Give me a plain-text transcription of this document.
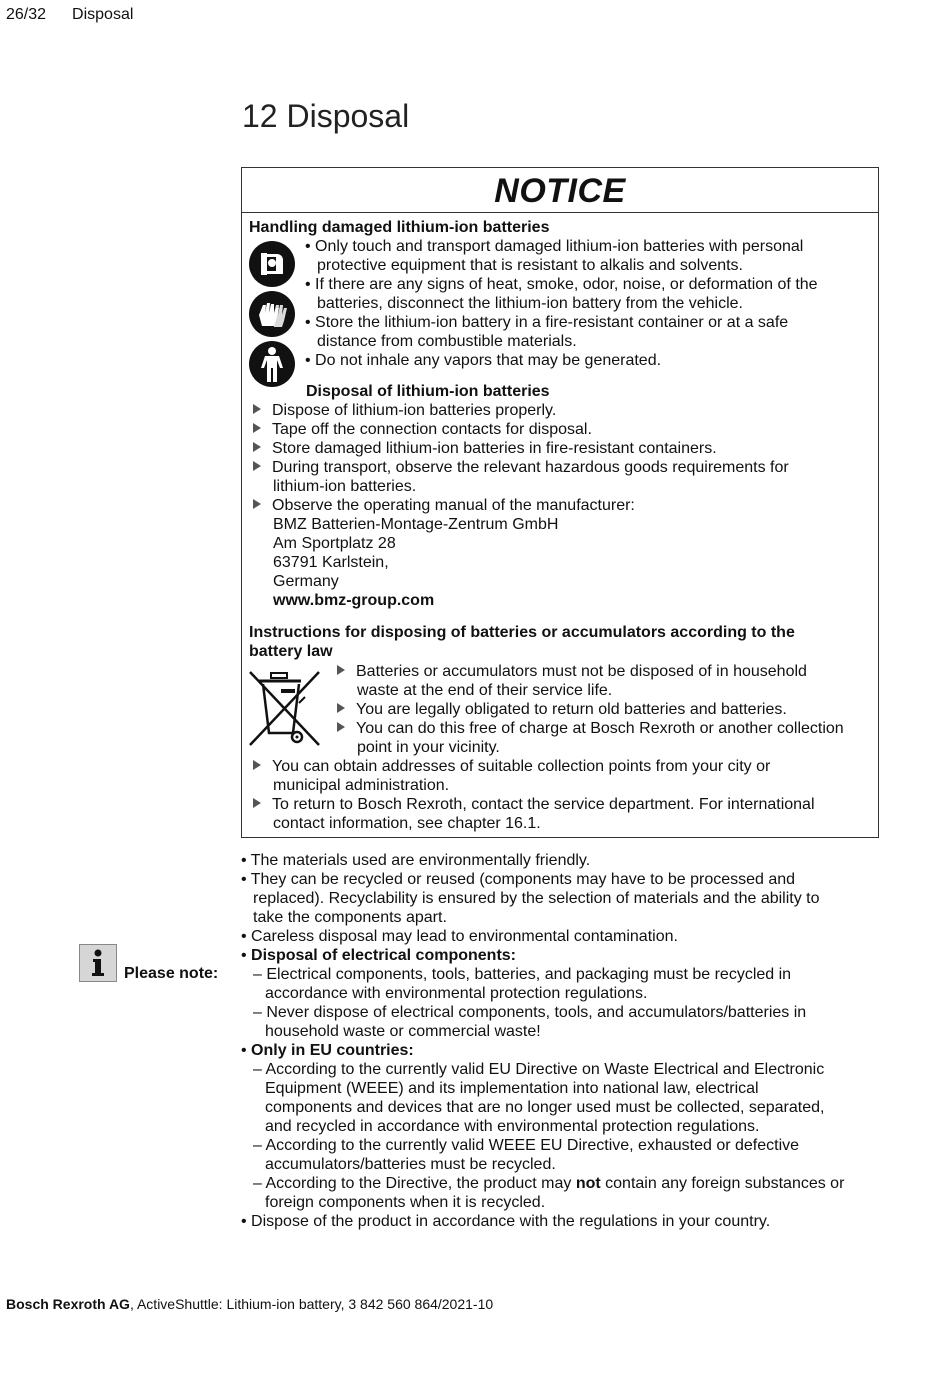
26/32 Disposal
12 Disposal
NOTICE
Handling damaged lithium-ion batteries
• Only touch and transport damaged lithium-ion batteries with personal
protective equipment that is resistant to alkalis and solvents.
• If there are any signs of heat, smoke, odor, noise, or deformation of the
batteries, disconnect the lithium-ion battery from the vehicle.
• Store the lithium-ion battery in a fire-resistant container or at a safe
distance from combustible materials.
• Do not inhale any vapors that may be generated.
Disposal of lithium-ion batteries
Dispose of lithium-ion batteries properly.
Tape off the connection contacts for disposal.
Store damaged lithium-ion batteries in fire-resistant containers.
During transport, observe the relevant hazardous goods requirements for
lithium-ion batteries.
Observe the operating manual of the manufacturer:
BMZ Batterien-Montage-Zentrum GmbH
Am Sportplatz 28
63791 Karlstein,
Germany
www.bmz-group.com
Instructions for disposing of batteries or accumulators according to the
battery law
Batteries or accumulators must not be disposed of in household
waste at the end of their service life.
You are legally obligated to return old batteries and batteries.
You can do this free of charge at Bosch Rexroth or another collection
point in your vicinity.
You can obtain addresses of suitable collection points from your city or
municipal administration.
To return to Bosch Rexroth, contact the service department. For international
contact information, see chapter 16.1.
Please note:
• The materials used are environmentally friendly.
• They can be recycled or reused (components may have to be processed and
replaced). Recyclability is ensured by the selection of materials and the ability to
take the components apart.
• Careless disposal may lead to environmental contamination.
• Disposal of electrical components:
– Electrical components, tools, batteries, and packaging must be recycled in
accordance with environmental protection regulations.
– Never dispose of electrical components, tools, and accumulators/batteries in
household waste or commercial waste!
• Only in EU countries:
– According to the currently valid EU Directive on Waste Electrical and Electronic
Equipment (WEEE) and its implementation into national law, electrical
components and devices that are no longer used must be collected, separated,
and recycled in accordance with environmental protection regulations.
– According to the currently valid WEEE EU Directive, exhausted or defective
accumulators/batteries must be recycled.
– According to the Directive, the product may not contain any foreign substances or
foreign components when it is recycled.
• Dispose of the product in accordance with the regulations in your country.
Bosch Rexroth AG, ActiveShuttle: Lithium-ion battery, 3 842 560 864/2021-10
